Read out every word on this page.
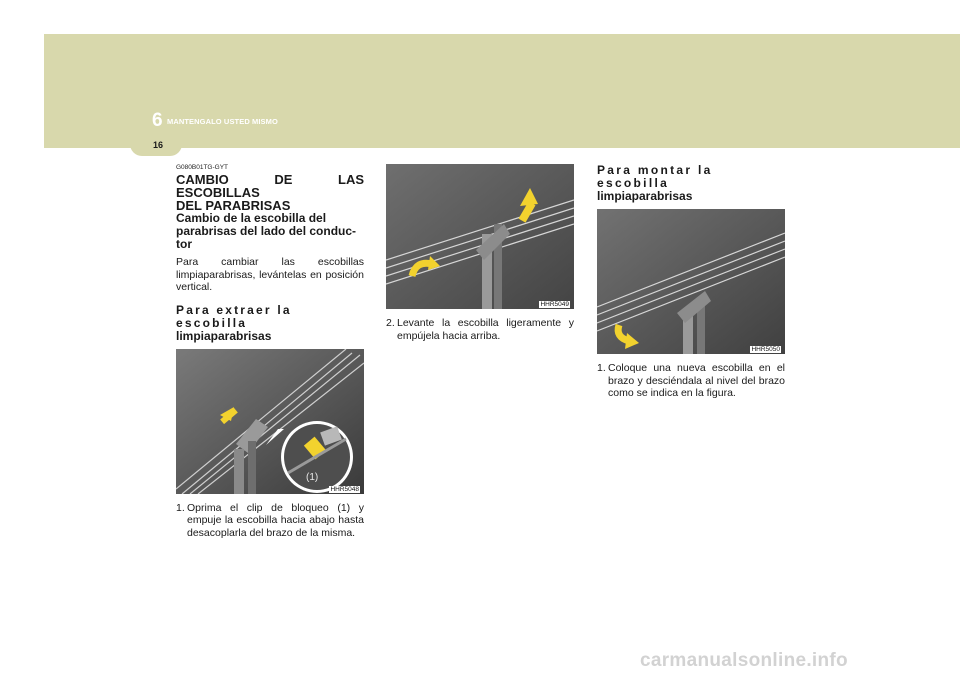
6 MANTENGALO USTED MISMO
16
G080B01TG-GYT
CAMBIO DE LAS ESCOBILLAS
DEL PARABRISAS
Cambio de la escobilla del
parabrisas del lado del conduc-
tor
Para cambiar las escobillas limpiaparabrisas, levántelas en posición vertical.
Para extraer la escobilla
limpiaparabrisas
(1)
HHR5048
1. Oprima el clip de bloqueo (1) y empuje la escobilla hacia abajo hasta desacoplarla del brazo de la misma.
HHR5049
2. Levante la escobilla ligeramente y empújela hacia arriba.
Para montar la escobilla
limpiaparabrisas
HHR5050
1. Coloque una nueva escobilla en el brazo y desciéndala al nivel del brazo como se indica en la figura.
carmanualsonline.info
